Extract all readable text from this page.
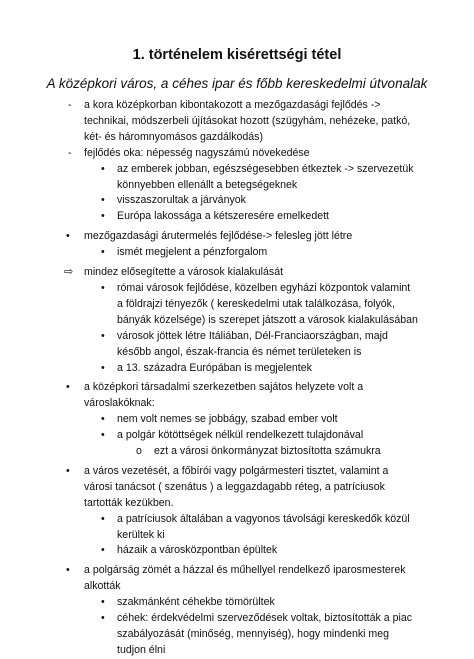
1. történelem kisérettségi tétel
A középkori város, a céhes ipar és főbb kereskedelmi útvonalak
- a kora középkorban kibontakozott a mezőgazdasági fejlődés -> technikai, módszerbeli újításokat hozott (szügyhám, nehézeke, patkó, két- és háromnyomásos gazdálkodás)
- fejlődés oka: népesség nagyszámú növekedése
• az emberek jobban, egészségesebben étkeztek -> szervezetük könnyebben ellenállt a betegségeknek
• visszaszorultak a járványok
• Európa lakossága a kétszeresére emelkedett
• mezőgazdasági árutermelés fejlődése-> felesleg jött létre
• ismét megjelent a pénzforgalom
⇨ mindez elősegítette a városok kialakulását
• római városok fejlődése, közelben egyházi központok valamint a földrajzi tényezők ( kereskedelmi utak találkozása, folyók, bányák közelsége) is szerepet játszott a városok kialakulásában
• városok jöttek létre Itáliában, Dél-Franciaországban, majd később angol, észak-francia és német területeken is
• a 13. századra Európában is megjelentek
• a középkori társadalmi szerkezetben sajátos helyzete volt a városlakóknak:
• nem volt nemes se jobbágy, szabad ember volt
• a polgár kötöttségek nélkül rendelkezett tulajdonával
o ezt a városi önkormányzat biztosította számukra
• a város vezetését, a főbírói vagy polgármesteri tisztet, valamint a városi tanácsot ( szenátus ) a leggazdagabb réteg, a patríciusok tartották kezükben.
• a patríciusok általában a vagyonos távolsági kereskedők közül kerültek ki
• házaik a városközpontban épültek
• a polgárság zömét a házzal és műhellyel rendelkező iparosmesterek alkották
• szakmánként céhekbe tömörültek
• céhek: érdekvédelmi szerveződések voltak, biztosították a piac szabályozását (minőség, mennyiség), hogy mindenki meg tudjon élni
